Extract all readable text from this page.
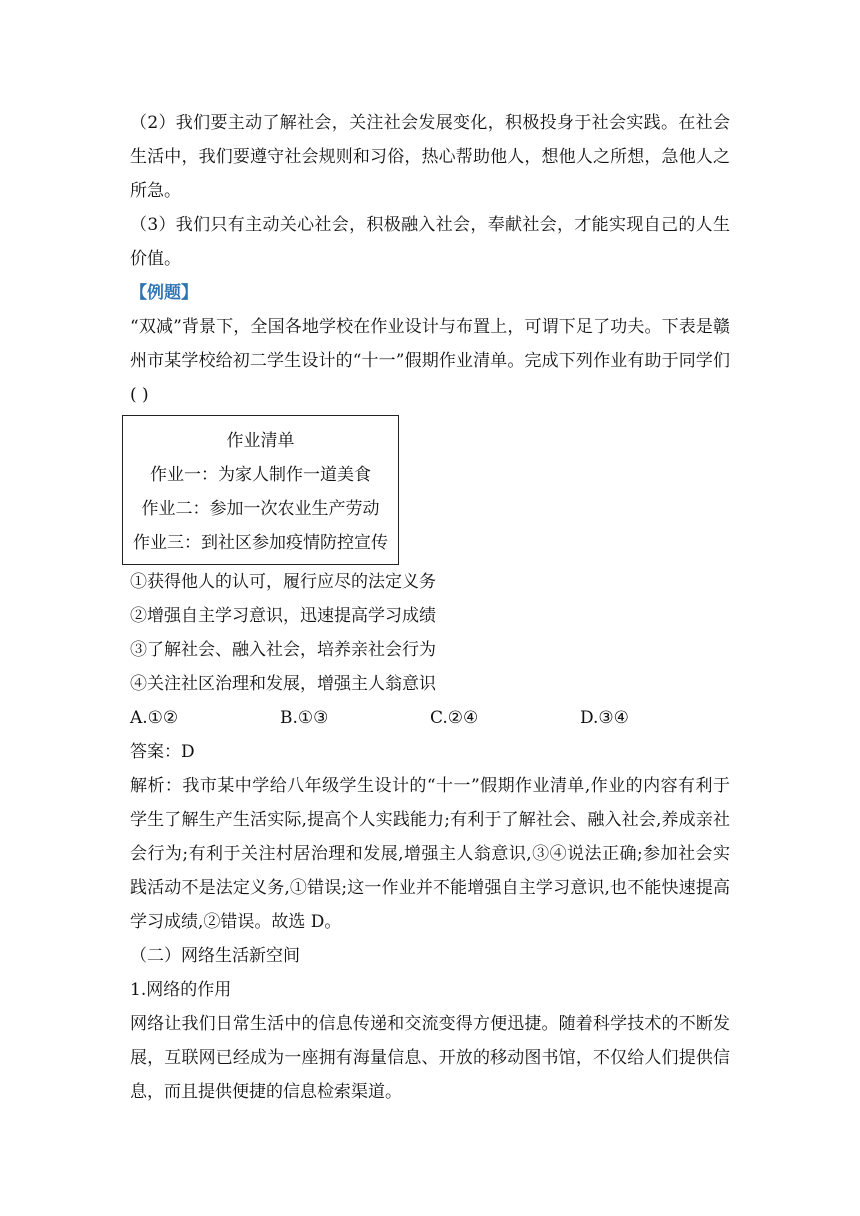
（2）我们要主动了解社会，关注社会发展变化，积极投身于社会实践。在社会生活中，我们要遵守社会规则和习俗，热心帮助他人，想他人之所想，急他人之所急。

（3）我们只有主动关心社会，积极融入社会，奉献社会，才能实现自己的人生价值。

【例题】

“双减”背景下，全国各地学校在作业设计与布置上，可谓下足了功夫。下表是赣州市某学校给初二学生设计的“十一”假期作业清单。完成下列作业有助于同学们( )

作业清单
作业一：为家人制作一道美食
作业二：参加一次农业生产劳动
作业三：到社区参加疫情防控宣传

①获得他人的认可，履行应尽的法定义务

②增强自主学习意识，迅速提高学习成绩

③了解社会、融入社会，培养亲社会行为

④关注社区治理和发展，增强主人翁意识

A.①②	B.①③	C.②④	D.③④

答案：D

解析：我市某中学给八年级学生设计的“十一”假期作业清单,作业的内容有利于学生了解生产生活实际,提高个人实践能力;有利于了解社会、融入社会,养成亲社会行为;有利于关注村居治理和发展,增强主人翁意识,③④说法正确;参加社会实践活动不是法定义务,①错误;这一作业并不能增强自主学习意识,也不能快速提高学习成绩,②错误。故选 D。

（二）网络生活新空间

1.网络的作用

网络让我们日常生活中的信息传递和交流变得方便迅捷。随着科学技术的不断发展，互联网已经成为一座拥有海量信息、开放的移动图书馆，不仅给人们提供信息，而且提供便捷的信息检索渠道。
